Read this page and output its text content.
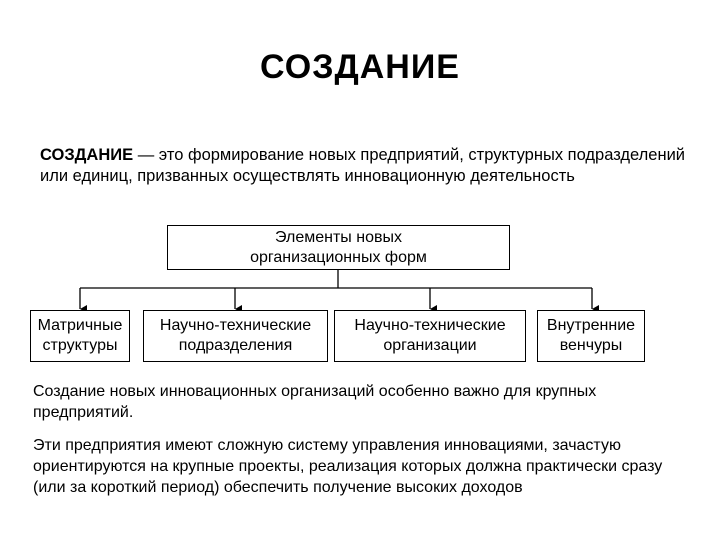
СОЗДАНИЕ
СОЗДАНИЕ — это формирование новых предприятий, структурных подразделений или единиц, призванных осуществлять инновационную деятельность
Элементы новых организационных форм
Матричные структуры
Научно-технические подразделения
Научно-технические организации
Внутренние венчуры
Создание новых инновационных организаций особенно важно для крупных предприятий.
Эти предприятия имеют сложную систему управления инновациями, зачастую ориентируются на крупные проекты, реализация которых должна практически сразу (или за короткий период) обеспечить получение высоких доходов
